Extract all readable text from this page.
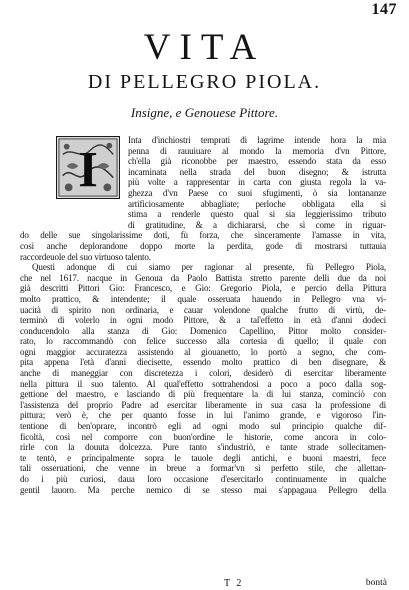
147
VITA
DI PELLEGRO PIOLA.
Insigne, e Genouese Pittore.
I
Inta d'inchiostri temprati di lagrime intende hora la mia
penna di rauuiuare al mondo la memoria d'vn Pittore,
ch'ella già riconobbe per maestro, essendo stata da esso
incaminata nella strada del buon disegno; & istrutta
più volte a rappresentar in carta con giusta regola la va-
ghezza d'vn Paese co suoi sfugimenti, ò sia lontananze
artificiosamente abbagliate; perloche obbligata ella si
stima a renderle questo qual si sia leggierissimo tributo
di gratitudine, & a dichiararsi, che sì come in riguar-
do delle sue singolarissime doti, fù forza, che sinceramente l'amasse in vita,
così anche deplorandone doppo morte la perdita, gode di mostrarsi tuttauia
raccordeuole del suo virtuoso talento.
Questi adonque di cui siamo per ragionar al presente, fù Pellegro Piola,
che nel 1617. nacque in Genoua da Paolo Battista stretto parente delli due da noi
già descritti Pittori Gio: Francesco, e Gio: Gregorio Piola, e percio della Pittura
molto prattico, & intendente; il quale osseruata hauendo in Pellegro vna vi-
uacità di spirito non ordinaria, e cauar volendone qualche frutto di virtù, de-
terminò di volerlo in ogni modo Pittore, & a tal'effetto in età d'anni dodeci
conducendolo alla stanza di Gio: Domenico Capellino, Pittor molto consider-
rato, lo raccommandò con felice successo alla cortesia di quello; il quale con
ogni maggior accuratezza assistendo al giouanetto, lo portò a segno, che com-
pita appena l'età d'anni diecisette, essendo molto prattico di ben disegnare, &
anche di maneggiar con discretezza i colori, desiderò di esercitar liberamente
nella pittura il suo talento. Al qual'effetto sottrahendosi a poco a poco dalla sog-
gettione del maestro, e lasciando di più frequentare la di lui stanza, cominciò con
l'assistenza del proprio Padre ad esercitar liberamente in sua casa la professione di
pittura; verò è, che per quanto fosse in lui l'animo grande, e vigoroso l'in-
tentione di ben'oprare, incontrò egli ad ogni modo sul principio qualche dif-
ficoltà, così nel comporre con buon'ordine le historie, come ancora in colo-
rirle con la douuta dolcezza. Pure tanto s'industriò, e tante strade sollecitamen-
te tentò, e principalmente sopra le tauole degli antichi, e buoni maestri, fece
tali osseruationi, che venne in breue a formar'vn sì perfetto stile, che allettan-
do i più curiosi, daua loro occasione d'esercitarlo continuamente in qualche
gentil lauoro. Ma perche nemico di se stesso mai s'appagaua Pellegro della
T 2	bontà
